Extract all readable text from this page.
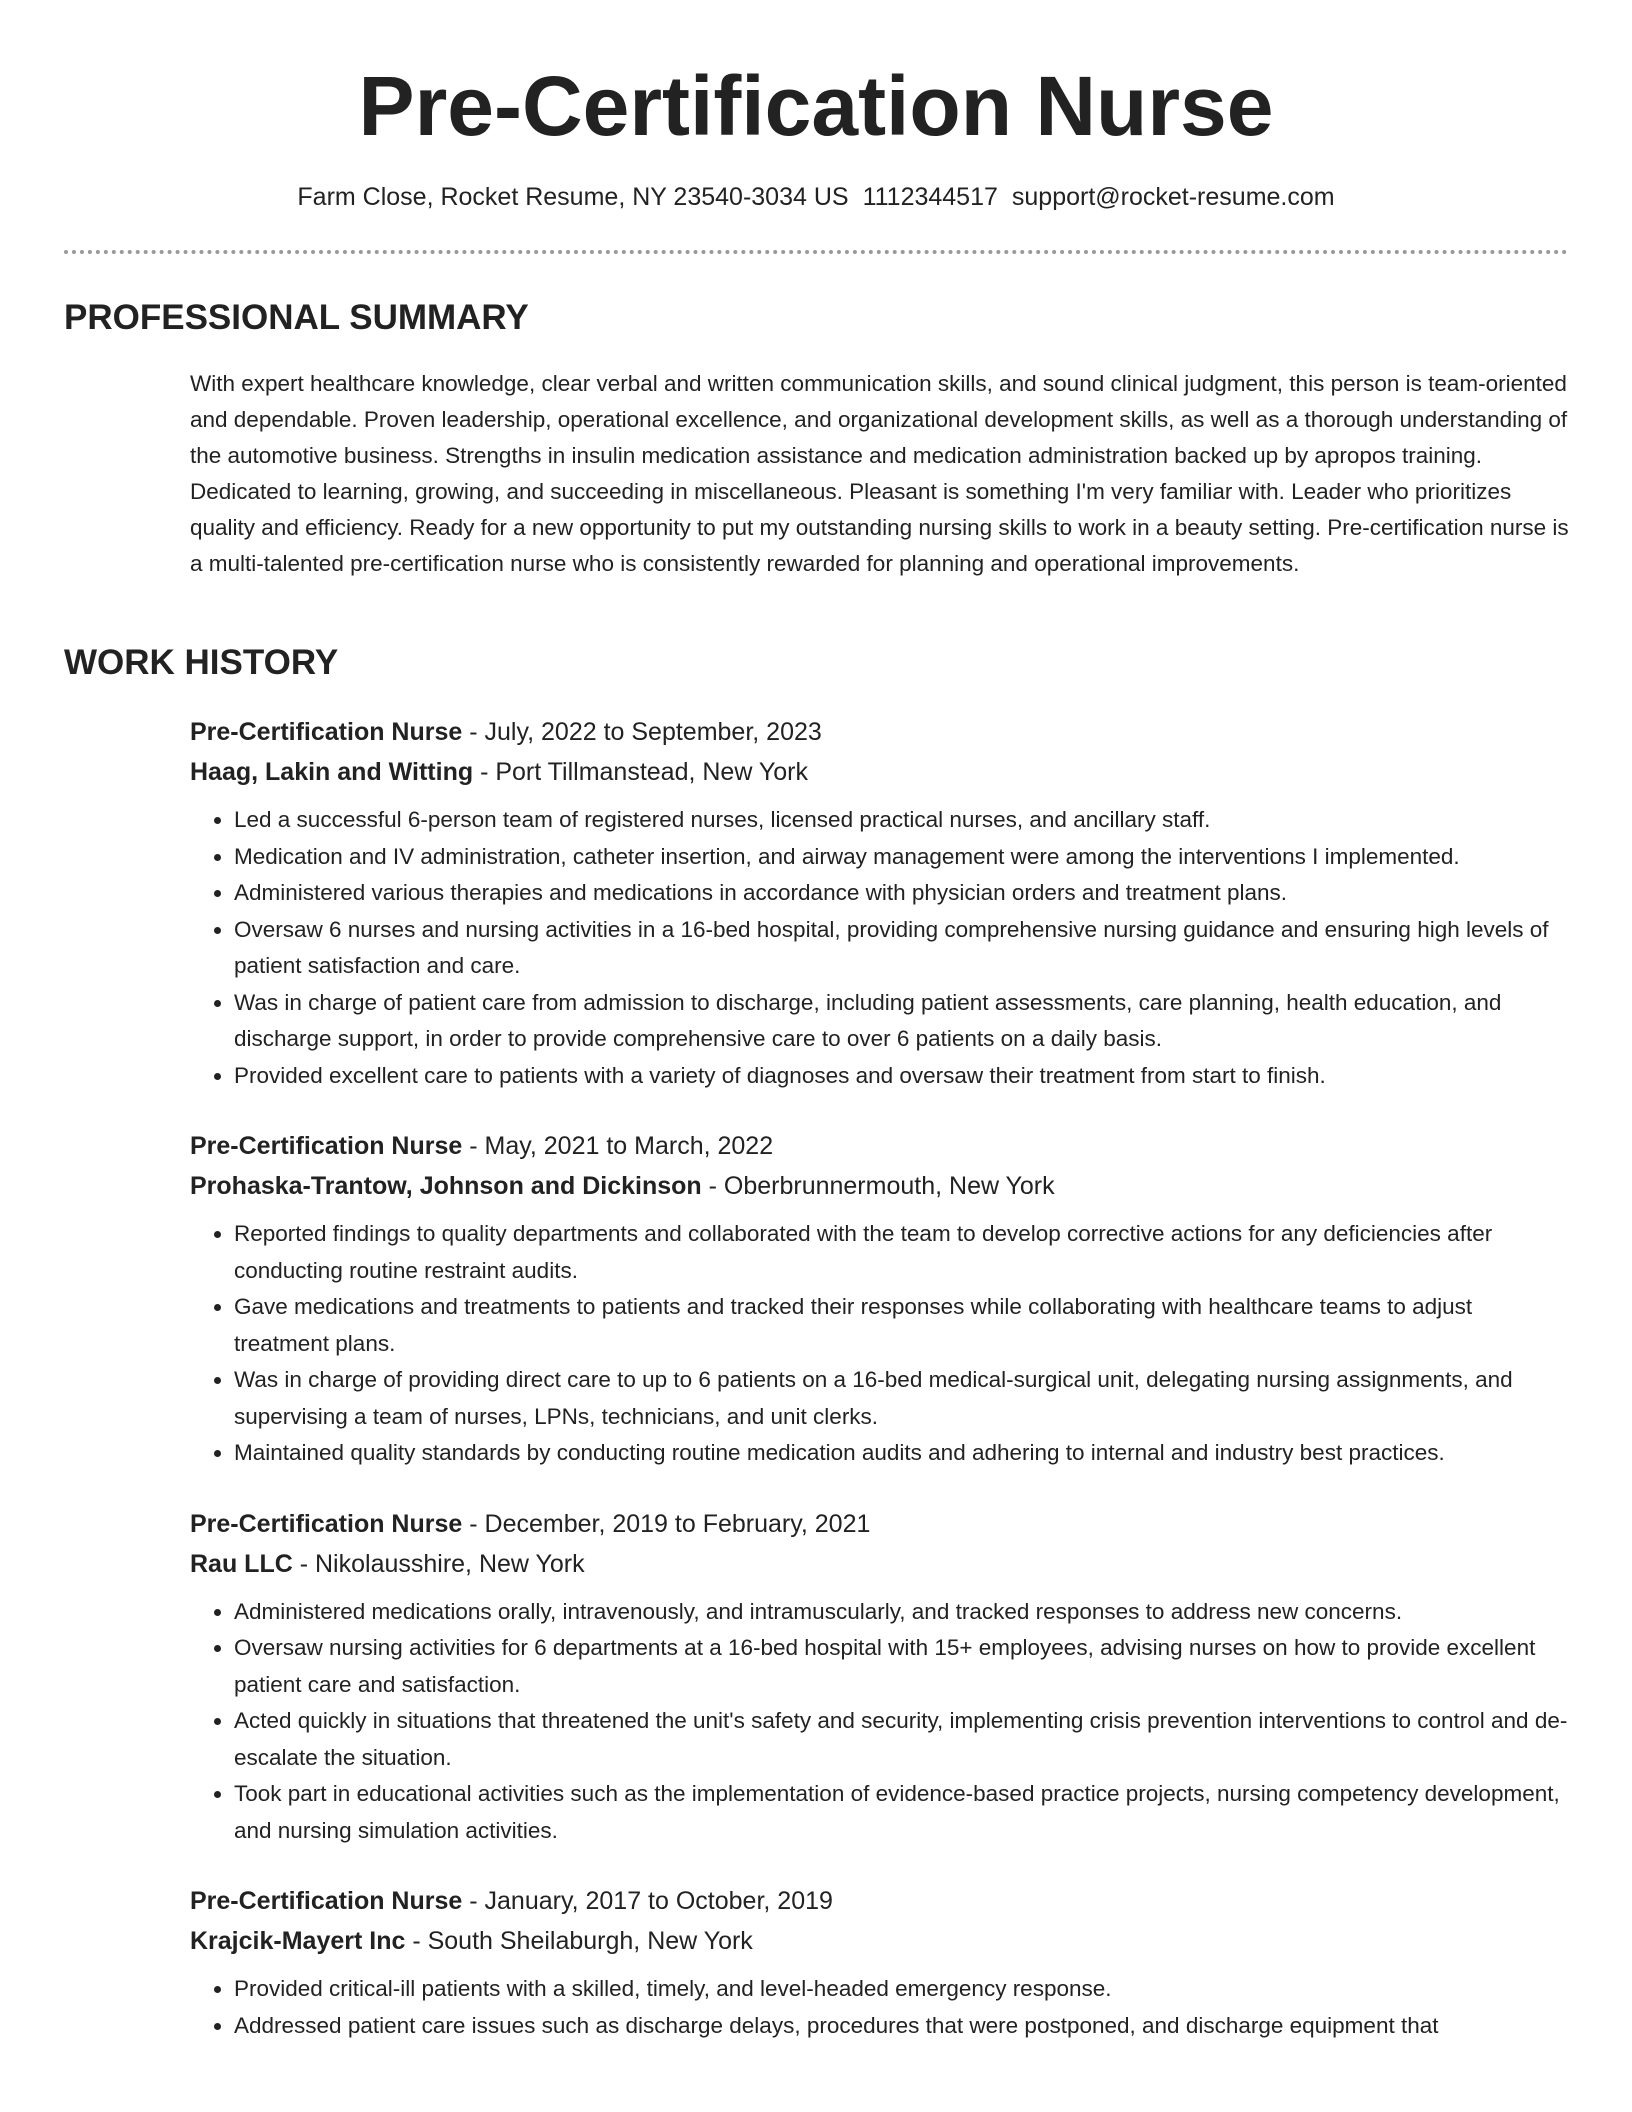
Pre-Certification Nurse
Farm Close, Rocket Resume, NY 23540-3034 US 1112344517 support@rocket-resume.com
PROFESSIONAL SUMMARY

With expert healthcare knowledge, clear verbal and written communication skills, and sound clinical judgment, this person is team-oriented and dependable. Proven leadership, operational excellence, and organizational development skills, as well as a thorough understanding of the automotive business. Strengths in insulin medication assistance and medication administration backed up by apropos training. Dedicated to learning, growing, and succeeding in miscellaneous. Pleasant is something I'm very familiar with. Leader who prioritizes quality and efficiency. Ready for a new opportunity to put my outstanding nursing skills to work in a beauty setting. Pre-certification nurse is a multi-talented pre-certification nurse who is consistently rewarded for planning and operational improvements.

WORK HISTORY

Pre-Certification Nurse - July, 2022 to September, 2023

Haag, Lakin and Witting - Port Tillmanstead, New York

• Led a successful 6-person team of registered nurses, licensed practical nurses, and ancillary staff.
• Medication and IV administration, catheter insertion, and airway management were among the interventions I implemented.
• Administered various therapies and medications in accordance with physician orders and treatment plans.
• Oversaw 6 nurses and nursing activities in a 16-bed hospital, providing comprehensive nursing guidance and ensuring high levels of patient satisfaction and care.
• Was in charge of patient care from admission to discharge, including patient assessments, care planning, health education, and discharge support, in order to provide comprehensive care to over 6 patients on a daily basis.
• Provided excellent care to patients with a variety of diagnoses and oversaw their treatment from start to finish.

Pre-Certification Nurse - May, 2021 to March, 2022

Prohaska-Trantow, Johnson and Dickinson - Oberbrunnermouth, New York

• Reported findings to quality departments and collaborated with the team to develop corrective actions for any deficiencies after conducting routine restraint audits.
• Gave medications and treatments to patients and tracked their responses while collaborating with healthcare teams to adjust treatment plans.
• Was in charge of providing direct care to up to 6 patients on a 16-bed medical-surgical unit, delegating nursing assignments, and supervising a team of nurses, LPNs, technicians, and unit clerks.
• Maintained quality standards by conducting routine medication audits and adhering to internal and industry best practices.

Pre-Certification Nurse - December, 2019 to February, 2021

Rau LLC - Nikolausshire, New York

• Administered medications orally, intravenously, and intramuscularly, and tracked responses to address new concerns.
• Oversaw nursing activities for 6 departments at a 16-bed hospital with 15+ employees, advising nurses on how to provide excellent patient care and satisfaction.
• Acted quickly in situations that threatened the unit's safety and security, implementing crisis prevention interventions to control and de-escalate the situation.
• Took part in educational activities such as the implementation of evidence-based practice projects, nursing competency development, and nursing simulation activities.

Pre-Certification Nurse - January, 2017 to October, 2019

Krajcik-Mayert Inc - South Sheilaburgh, New York

• Provided critical-ill patients with a skilled, timely, and level-headed emergency response.
• Addressed patient care issues such as discharge delays, procedures that were postponed, and discharge equipment that
